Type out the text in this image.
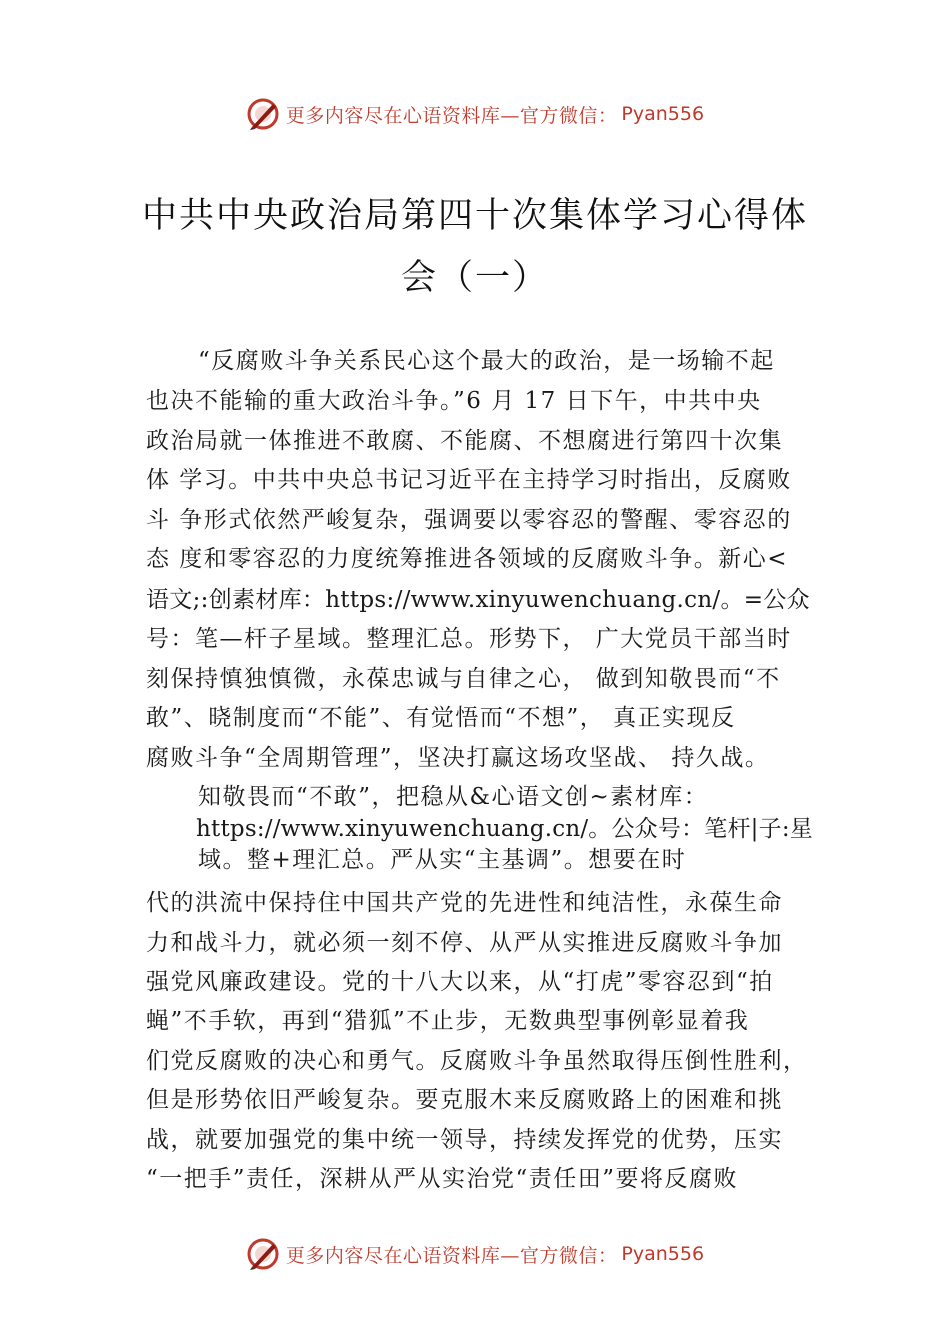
更多内容尽在心语资料库—官方微信： Pyan556
中共中央政治局第四十次集体学习心得体
会（一）
“反腐败斗争关系民心这个最大的政治，是一场输不起
也决不能输的重大政治斗争。”6 月 17 日下午，中共中央
政治局就一体推进不敢腐、不能腐、不想腐进行第四十次集
体 学习。中共中央总书记习近平在主持学习时指出，反腐败
斗 争形式依然严峻复杂，强调要以零容忍的警醒、零容忍的
态 度和零容忍的力度统筹推进各领域的反腐败斗争。新心<
语文;:创素材库：https://www.xinyuwenchuang.cn/。=公众
号：笔—杆子星域。整理汇总。形势下， 广大党员干部当时
刻保持慎独慎微，永葆忠诚与自律之心， 做到知敬畏而“不
敢”、晓制度而“不能”、有觉悟而“不想”， 真正实现反
腐败斗争“全周期管理”，坚决打赢这场攻坚战、 持久战。
知敬畏而“不敢”，把稳从&心语文创~素材库：
https://www.xinyuwenchuang.cn/。公众号：笔杆|子:星
域。整+理汇总。严从实“主基调”。想要在时
代的洪流中保持住中国共产党的先进性和纯洁性，永葆生命
力和战斗力，就必须一刻不停、从严从实推进反腐败斗争加
强党风廉政建设。党的十八大以来，从“打虎”零容忍到“拍
蝇”不手软，再到“猎狐”不止步，无数典型事例彰显着我
们党反腐败的决心和勇气。反腐败斗争虽然取得压倒性胜利，
但是形势依旧严峻复杂。要克服木来反腐败路上的困难和挑
战，就要加强党的集中统一领导，持续发挥党的优势，压实
“一把手”责任，深耕从严从实治党“责任田”要将反腐败
更多内容尽在心语资料库—官方微信： Pyan556
